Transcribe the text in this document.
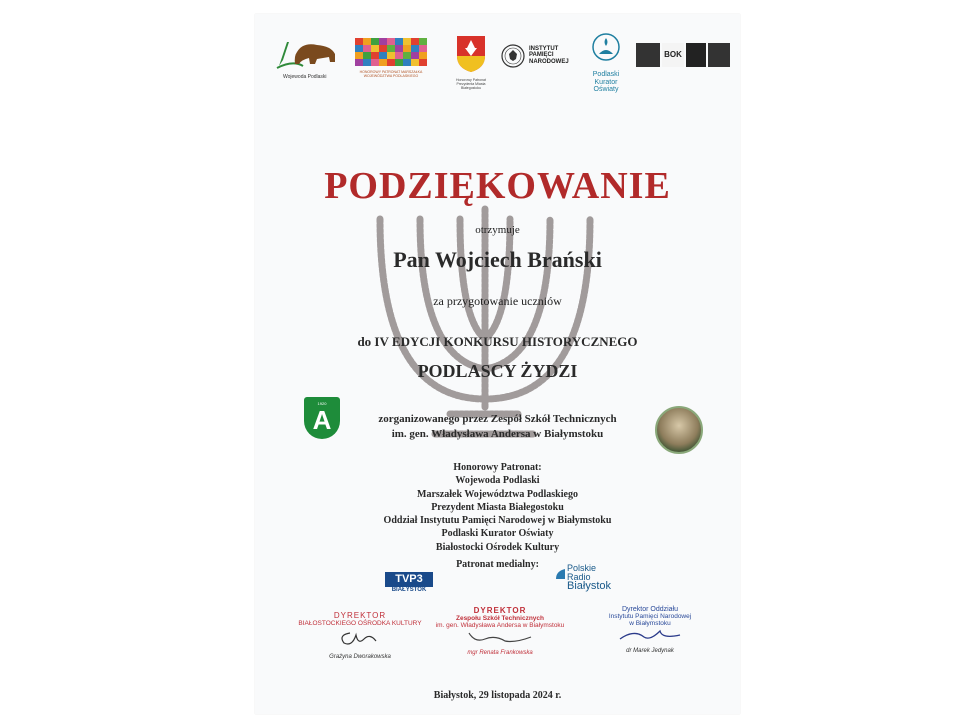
Wojewoda Podlaski
HONOROWY PATRONAT MARSZAŁKA WOJEWÓDZTWA PODLASKIEGO
Honorowy Patronat Prezydenta Miasta Białegostoku
INSTYTUT
PAMIĘCI
NARODOWEJ
Podlaski Kurator
Oświaty
BOK
PODZIĘKOWANIE
otrzymuje
Pan Wojciech Brański
za przygotowanie uczniów
do IV EDYCJI KONKURSU HISTORYCZNEGO
PODLASCY ŻYDZI
1920
A	zorganizowanego przez Zespół Szkół Technicznych
im. gen. Władysława Andersa w Białymstoku
Honorowy Patronat:
Wojewoda Podlaski
Marszałek Województwa Podlaskiego
Prezydent Miasta Białegostoku
Oddział Instytutu Pamięci Narodowej w Białymstoku
Podlaski Kurator Oświaty
Białostocki Ośrodek Kultury
Patronat medialny:
TVP3
BIAŁYSTOK
Polskie
Radio
Białystok
DYREKTOR
BIAŁOSTOCKIEGO OŚRODKA KULTURY
Grażyna Dworakowska
DYREKTOR
Zespołu Szkół Technicznych
im. gen. Władysława Andersa w Białymstoku
mgr Renata Frankowska
Dyrektor Oddziału
Instytutu Pamięci Narodowej
w Białymstoku
dr Marek Jedynak
Białystok, 29 listopada 2024 r.
